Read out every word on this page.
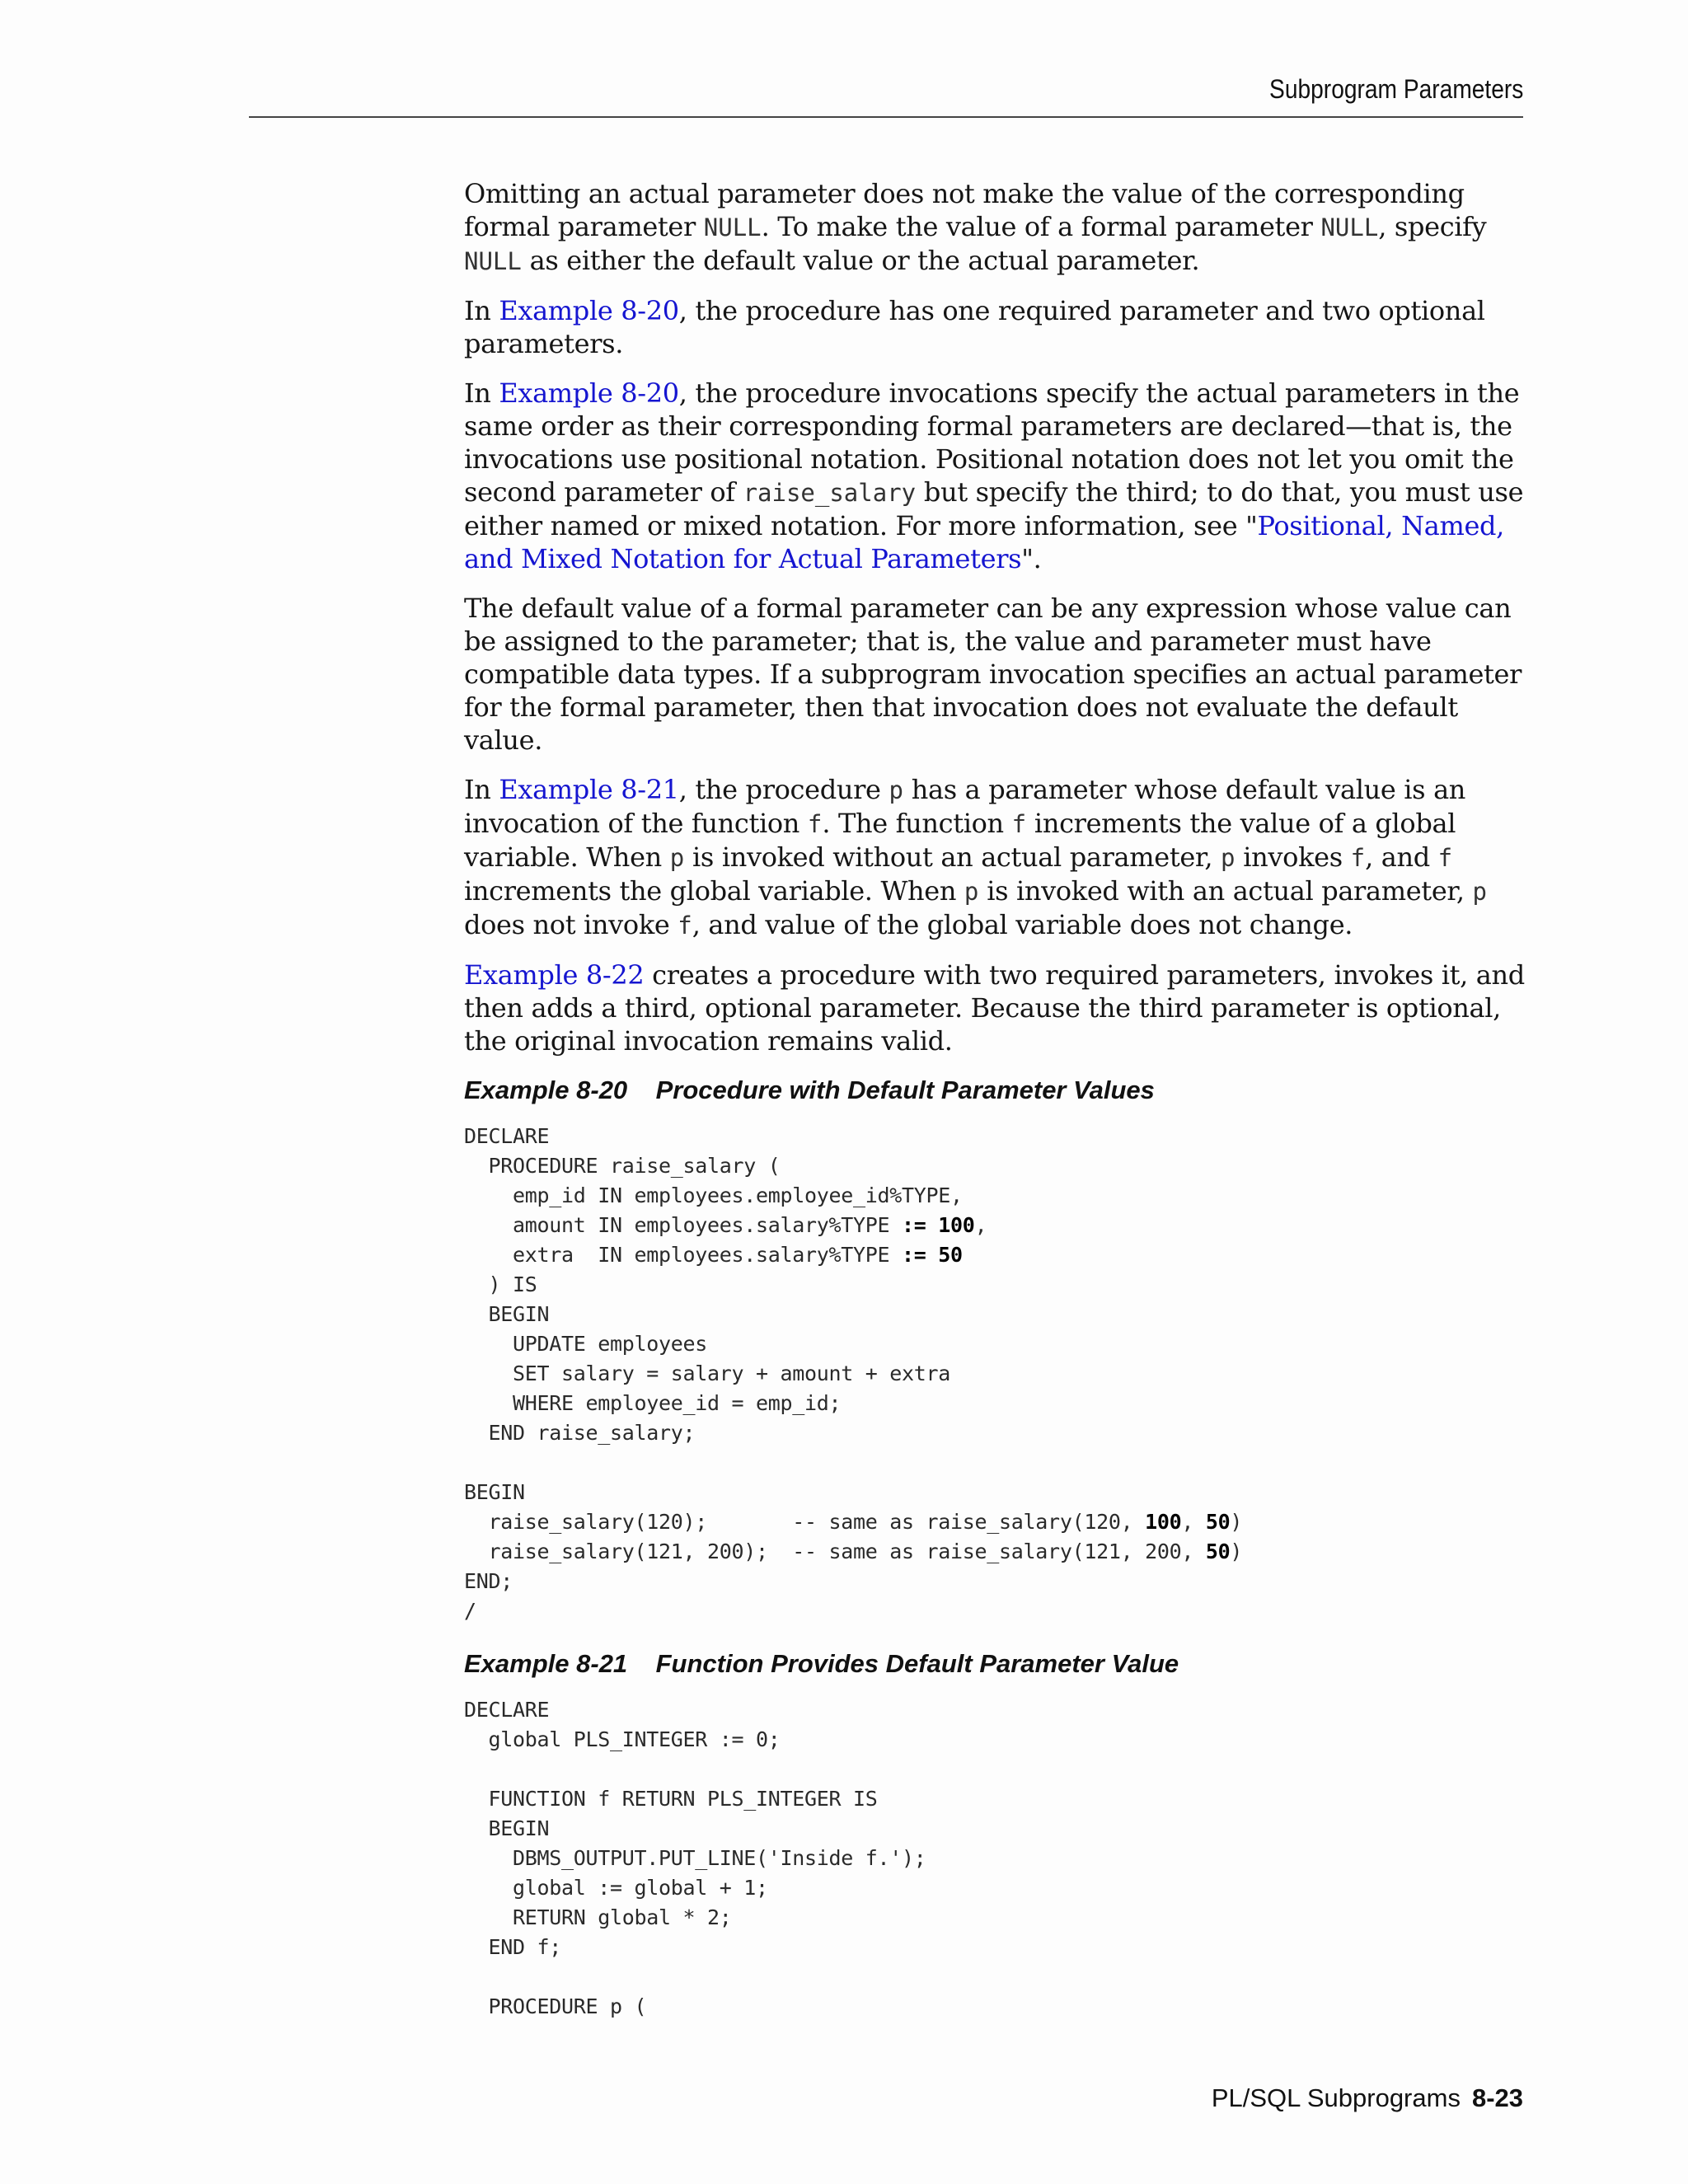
Subprogram Parameters

Omitting an actual parameter does not make the value of the corresponding formal parameter NULL. To make the value of a formal parameter NULL, specify NULL as either the default value or the actual parameter.

In Example 8-20, the procedure has one required parameter and two optional parameters.

In Example 8-20, the procedure invocations specify the actual parameters in the same order as their corresponding formal parameters are declared—that is, the invocations use positional notation. Positional notation does not let you omit the second parameter of raise_salary but specify the third; to do that, you must use either named or mixed notation. For more information, see "Positional, Named, and Mixed Notation for Actual Parameters".

The default value of a formal parameter can be any expression whose value can be assigned to the parameter; that is, the value and parameter must have compatible data types. If a subprogram invocation specifies an actual parameter for the formal parameter, then that invocation does not evaluate the default value.

In Example 8-21, the procedure p has a parameter whose default value is an invocation of the function f. The function f increments the value of a global variable. When p is invoked without an actual parameter, p invokes f, and f increments the global variable. When p is invoked with an actual parameter, p does not invoke f, and value of the global variable does not change.

Example 8-22 creates a procedure with two required parameters, invokes it, and then adds a third, optional parameter. Because the third parameter is optional, the original invocation remains valid.

Example 8-20    Procedure with Default Parameter Values
DECLARE
PROCEDURE raise_salary (
emp_id IN employees.employee_id%TYPE,
amount IN employees.salary%TYPE := 100,
extra  IN employees.salary%TYPE := 50
) IS
BEGIN
UPDATE employees
SET salary = salary + amount + extra
WHERE employee_id = emp_id;
END raise_salary;

BEGIN
raise_salary(120);       -- same as raise_salary(120, 100, 50)
raise_salary(121, 200);  -- same as raise_salary(121, 200, 50)
END;
/
Example 8-21    Function Provides Default Parameter Value
DECLARE
global PLS_INTEGER := 0;

FUNCTION f RETURN PLS_INTEGER IS
BEGIN
DBMS_OUTPUT.PUT_LINE('Inside f.');
global := global + 1;
RETURN global * 2;
END f;

PROCEDURE p (
PL/SQL Subprograms 8-23
